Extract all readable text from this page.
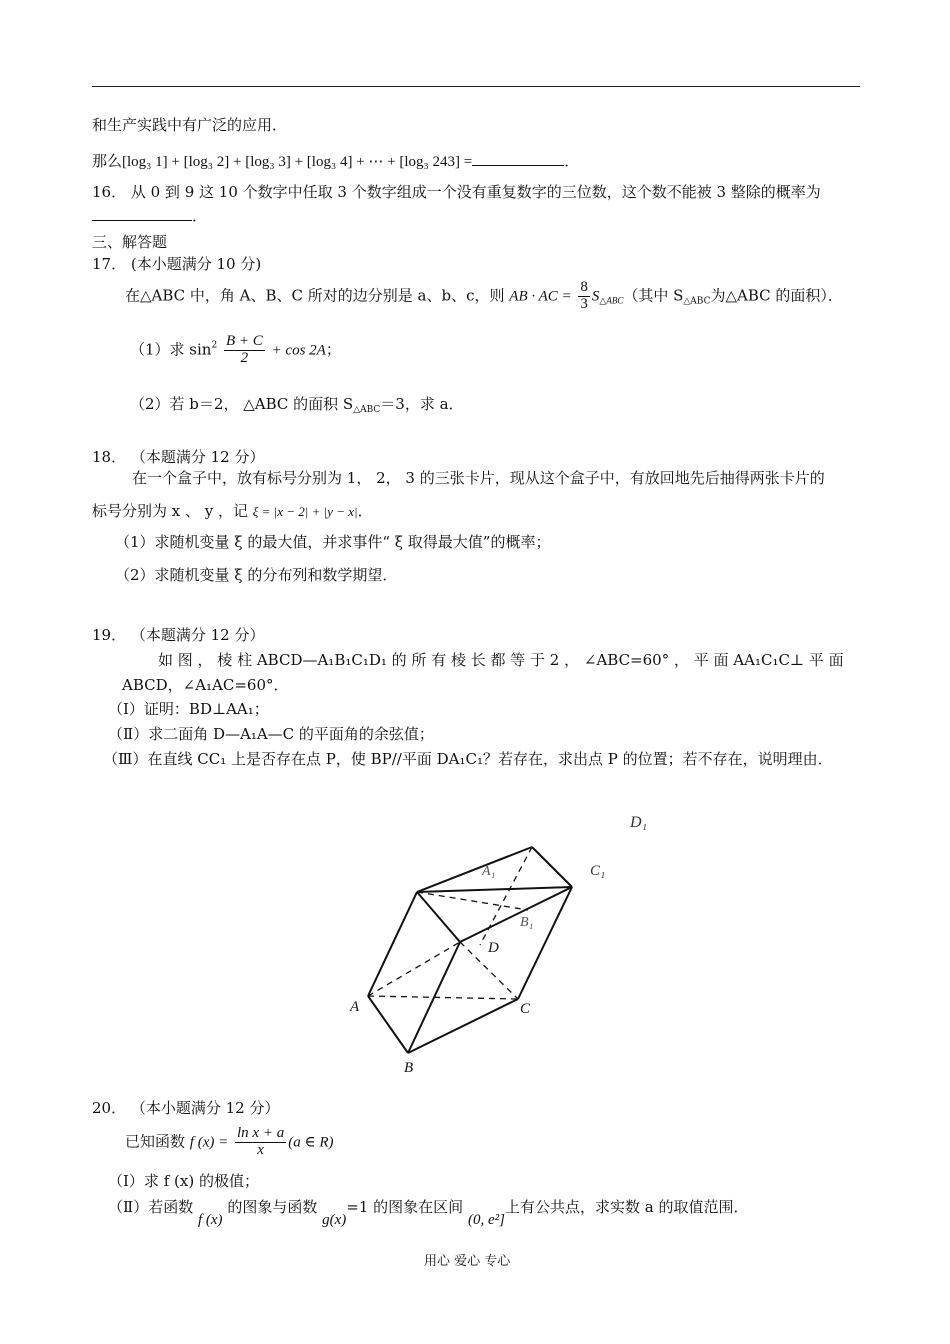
和生产实践中有广泛的应用．
那么[log₃ 1] + [log₃ 2] + [log₃ 3] + [log₃ 4] + ⋯ + [log₃ 243] =	．
16． 从 0 到 9 这 10 个数字中任取 3 个数字组成一个没有重复数字的三位数，这个数不能被 3 整除的概率为
．
三、解答题
17． (本小题满分 10 分)
在△ABC 中，角 A、B、C 所对的边分别是 a、b、c，则 AB · AC = $\frac{8}{3} S_{\triangle ABC}$（其中 $S_{\triangle ABC}$为△ABC 的面积）．
（1）求 $\sin^2 \frac{B + C}{2} + \cos 2A$；
（2）若 b＝2， △ABC 的面积 $S_{\triangle ABC}=3$，求 a．
18． （本题满分 12 分）
在一个盒子中，放有标号分别为 1， 2， 3 的三张卡片，现从这个盒子中，有放回地先后抽得两张卡片的
标号分别为 x 、 y ，记 ξ = |x − 2| + |y − x|．
（1）求随机变量 ξ 的最大值，并求事件“ ξ 取得最大值”的概率；
（2）求随机变量 ξ 的分布列和数学期望．
19． （本题满分 12 分）
如 图 ， 棱 柱 ABCD—A₁B₁C₁D₁ 的 所 有 棱 长 都 等 于 2 ， ∠ABC=60° ， 平 面 AA₁C₁C⊥ 平 面
ABCD，∠A₁AC=60°．
（Ⅰ）证明：BD⊥AA₁；
（Ⅱ）求二面角 D—A₁A—C 的平面角的余弦值；
（Ⅲ）在直线 CC₁ 上是否存在点 P，使 BP//平面 DA₁C₁？若存在，求出点 P 的位置；若不存在，说明理由．
D₁
C₁
A₁
B₁
D
A	C
B
20． （本小题满分 12 分）
已知函数 f $(x) = \frac{\text{ln x + a}}{x} (a$ ∈ R)
（Ⅰ）求 f (x) 的极值；
（Ⅱ）若函数 f (x) 的图象与函数 g(x)=1 的图象在区间 (0, e²]上有公共点，求实数 a 的取值范围．
用心 爱心 专心
